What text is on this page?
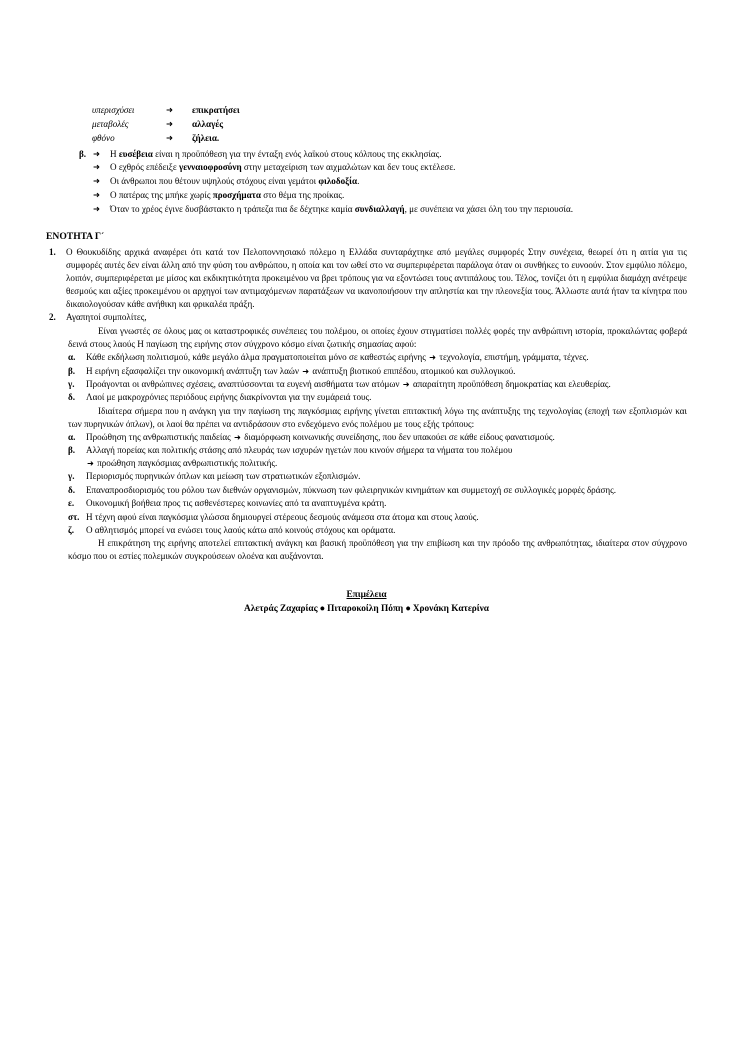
υπερισχύσει	➜	επικρατήσει
μεταβολές	➜	αλλαγές
φθόνο	➜	ζήλεια.
β. ➜	Η ευσέβεια είναι η προϋπόθεση για την ένταξη ενός λαϊκού στους κόλπους της εκκλησίας.
➜	Ο εχθρός επέδειξε γενναιοφροσύνη στην μεταχείριση των αιχμαλώτων και δεν τους εκτέλεσε.
➜	Οι άνθρωποι που θέτουν υψηλούς στόχους είναι γεμάτοι φιλοδοξία.
➜	Ο πατέρας της μπήκε χωρίς προσχήματα στο θέμα της προίκας.
➜	Όταν το χρέος έγινε δυσβάστακτο η τράπεζα πια δε δέχτηκε καμία συνδιαλλαγή, με συνέπεια να χάσει όλη του την περιουσία.
ΕΝΟΤΗΤΑ Γ´
1.	Ο Θουκυδίδης αρχικά αναφέρει ότι κατά τον Πελοποννησιακό πόλεμο η Ελλάδα συνταράχτηκε από μεγάλες συμφορές Στην συνέχεια, θεωρεί ότι η αιτία για τις συμφορές αυτές δεν είναι άλλη από την φύση του ανθρώπου, η οποία και τον ωθεί στο να συμπεριφέρεται παράλογα όταν οι συνθήκες το ευνοούν. Στον εμφύλιο πόλεμο, λοιπόν, συμπεριφέρεται με μίσος και εκδικητικότητα προκειμένου να βρει τρόπους για να εξοντώσει τους αντιπάλους του. Τέλος, τονίζει ότι η εμφύλια διαμάχη ανέτρεψε θεσμούς και αξίες προκειμένου οι αρχηγοί των αντιμαχόμενων παρατάξεων να ικανοποιήσουν την απληστία και την πλεονεξία τους. Άλλωστε αυτά ήταν τα κίνητρα που δικαιολογούσαν κάθε ανήθικη και φρικαλέα πράξη.
2.	Αγαπητοί συμπολίτες,

Είναι γνωστές σε όλους μας οι καταστροφικές συνέπειες του πολέμου, οι οποίες έχουν στιγματίσει πολλές φορές την ανθρώπινη ιστορία, προκαλώντας φοβερά δεινά στους λαούς Η παγίωση της ειρήνης στον σύγχρονο κόσμο είναι ζωτικής σημασίας αφού:

α.	Κάθε εκδήλωση πολιτισμού, κάθε μεγάλο άλμα πραγματοποιείται μόνο σε καθεστώς ειρήνης ➜ τεχνολογία, επιστήμη, γράμματα, τέχνες.
β.	Η ειρήνη εξασφαλίζει την οικονομική ανάπτυξη των λαών ➜ ανάπτυξη βιοτικού επιπέδου, ατομικού και συλλογικού.
γ.	Προάγονται οι ανθρώπινες σχέσεις, αναπτύσσονται τα ευγενή αισθήματα των ατόμων ➜ απαραίτητη προϋπόθεση δημοκρατίας και ελευθερίας.
δ.	Λαοί με μακροχρόνιες περιόδους ειρήνης διακρίνονται για την ευμάρειά τους.

Ιδιαίτερα σήμερα που η ανάγκη για την παγίωση της παγκόσμιας ειρήνης γίνεται επιτακτική λόγω της ανάπτυξης της τεχνολογίας (εποχή των εξοπλισμών και των πυρηνικών όπλων), οι λαοί θα πρέπει να αντιδράσουν στο ενδεχόμενο ενός πολέμου με τους εξής τρόπους:

α.	Προώθηση της ανθρωπιστικής παιδείας ➜ διαμόρφωση κοινωνικής συνείδησης, που δεν υπακούει σε κάθε είδους φανατισμούς.
β.	Αλλαγή πορείας και πολιτικής στάσης από πλευράς των ισχυρών ηγετών που κινούν σήμερα τα νήματα του πολέμου
➜ προώθηση παγκόσμιας ανθρωπιστικής πολιτικής.
γ.	Περιορισμός πυρηνικών όπλων και μείωση των στρατιωτικών εξοπλισμών.
δ.	Επαναπροσδιορισμός του ρόλου των διεθνών οργανισμών, πύκνωση των φιλειρηνικών κινημάτων και συμμετοχή σε συλλογικές μορφές δράσης.
ε.	Οικονομική βοήθεια προς τις ασθενέστερες κοινωνίες από τα αναπτυγμένα κράτη.
στ. Η τέχνη αφού είναι παγκόσμια γλώσσα δημιουργεί στέρεους δεσμούς ανάμεσα στα άτομα και στους λαούς.
ζ.	Ο αθλητισμός μπορεί να ενώσει τους λαούς κάτω από κοινούς στόχους και οράματα.

Η επικράτηση της ειρήνης αποτελεί επιτακτική ανάγκη και βασική προϋπόθεση για την επιβίωση και την πρόοδο της ανθρωπότητας, ιδιαίτερα στον σύγχρονο κόσμο που οι εστίες πολεμικών συγκρούσεων ολοένα και αυξάνονται.

Επιμέλεια
Αλετράς Ζαχαρίας ● Πιταροκοίλη Πόπη ● Χρονάκη Κατερίνα
